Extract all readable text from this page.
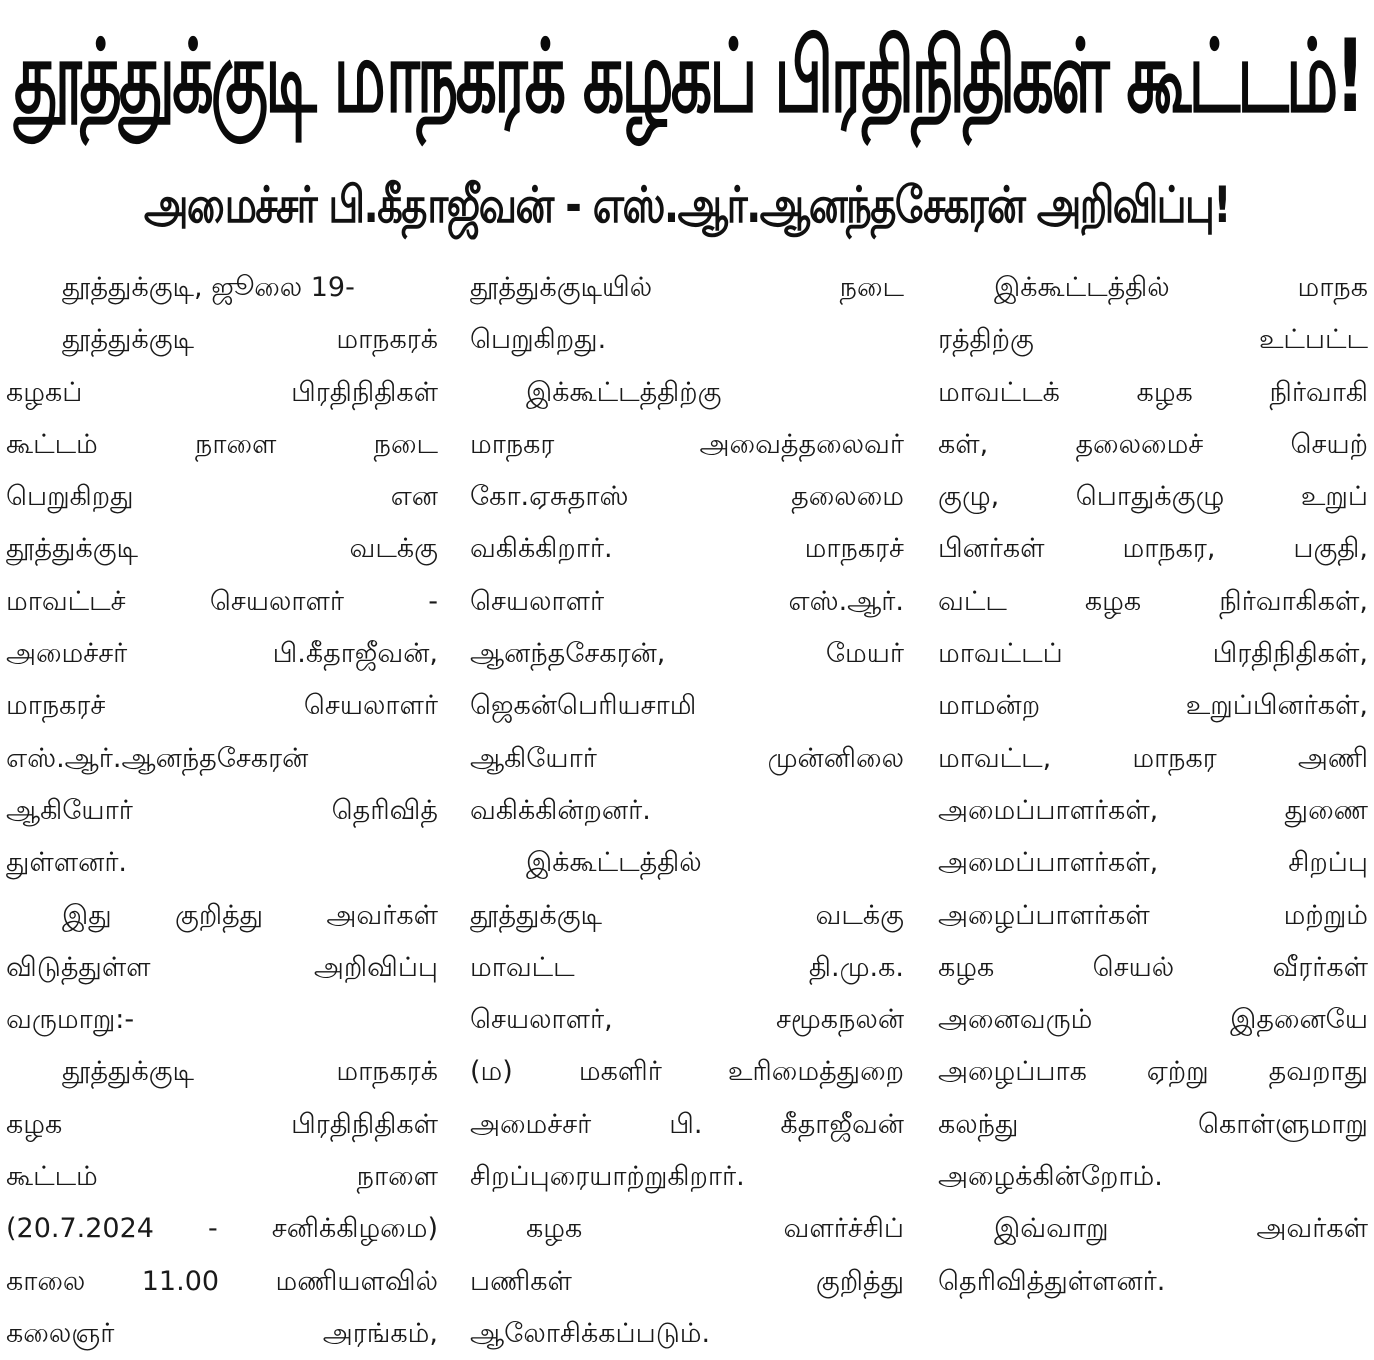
தூத்துக்குடி மாநகரக் கழகப் பிரதிநிதிகள் கூட்டம்!
அமைச்சர் பி.கீதாஜீவன் - எஸ்.ஆர்.ஆனந்தசேகரன் அறிவிப்பு!
தூத்துக்குடி, ஜூலை 19-
தூத்துக்குடி மாநகரக்
கழகப் பிரதிநிதிகள்
கூட்டம் நாளை நடை
பெறுகிறது என
தூத்துக்குடி வடக்கு
மாவட்டச் செயலாளர் -
அமைச்சர் பி.கீதாஜீவன்,
மாநகரச் செயலாளர்
எஸ்.ஆர்.ஆனந்தசேகரன்
ஆகியோர் தெரிவித்
துள்ளனர்.
இது குறித்து அவர்கள்
விடுத்துள்ள அறிவிப்பு
வருமாறு:-
தூத்துக்குடி மாநகரக்
கழக பிரதிநிதிகள்
கூட்டம் நாளை
(20.7.2024 - சனிக்கிழமை)
காலை 11.00 மணியளவில்
கலைஞர் அரங்கம்,
தூத்துக்குடியில் நடை
பெறுகிறது.
இக்கூட்டத்திற்கு
மாநகர அவைத்தலைவர்
கோ.ஏசுதாஸ் தலைமை
வகிக்கிறார். மாநகரச்
செயலாளர் எஸ்.ஆர்.
ஆனந்தசேகரன், மேயர்
ஜெகன்பெரியசாமி
ஆகியோர் முன்னிலை
வகிக்கின்றனர்.
இக்கூட்டத்தில்
தூத்துக்குடி வடக்கு
மாவட்ட தி.மு.க.
செயலாளர், சமூகநலன்
(ம) மகளிர் உரிமைத்துறை
அமைச்சர் பி. கீதாஜீவன்
சிறப்புரையாற்றுகிறார்.
கழக வளர்ச்சிப்
பணிகள் குறித்து
ஆலோசிக்கப்படும்.
இக்கூட்டத்தில் மாநக
ரத்திற்கு உட்பட்ட
மாவட்டக் கழக நிர்வாகி
கள், தலைமைச் செயற்
குழு, பொதுக்குழு உறுப்
பினர்கள் மாநகர, பகுதி,
வட்ட கழக நிர்வாகிகள்,
மாவட்டப் பிரதிநிதிகள்,
மாமன்ற உறுப்பினர்கள்,
மாவட்ட, மாநகர அணி
அமைப்பாளர்கள், துணை
அமைப்பாளர்கள், சிறப்பு
அழைப்பாளர்கள் மற்றும்
கழக செயல் வீரர்கள்
அனைவரும் இதனையே
அழைப்பாக ஏற்று தவறாது
கலந்து கொள்ளுமாறு
அழைக்கின்றோம்.
இவ்வாறு அவர்கள்
தெரிவித்துள்ளனர்.
